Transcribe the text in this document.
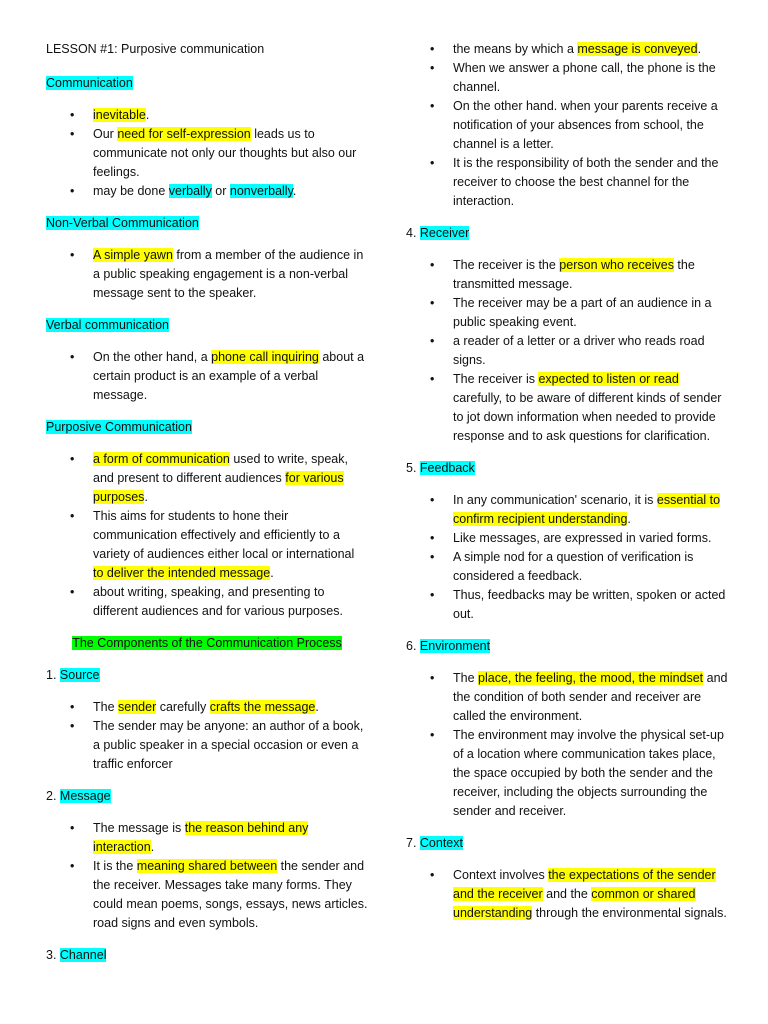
LESSON #1: Purposive communication

Communication

• inevitable.
• Our need for self-expression leads us to communicate not only our thoughts but also our feelings.
• may be done verbally or nonverbally.

Non-Verbal Communication

• A simple yawn from a member of the audience in a public speaking engagement is a non-verbal message sent to the speaker.

Verbal communication

• On the other hand, a phone call inquiring about a certain product is an example of a verbal message.

Purposive Communication

• a form of communication used to write, speak, and present to different audiences for various purposes.
• This aims for students to hone their communication effectively and efficiently to a variety of audiences either local or international to deliver the intended message.
• about writing, speaking, and presenting to different audiences and for various purposes.

The Components of the Communication Process

1. Source

• The sender carefully crafts the message.
• The sender may be anyone: an author of a book, a public speaker in a special occasion or even a traffic enforcer

2. Message

• The message is the reason behind any interaction.
• It is the meaning shared between the sender and the receiver. Messages take many forms. They could mean poems, songs, essays, news articles. road signs and even symbols.

3. Channel

• the means by which a message is conveyed.
• When we answer a phone call, the phone is the channel.
• On the other hand. when your parents receive a notification of your absences from school, the channel is a letter.
• It is the responsibility of both the sender and the receiver to choose the best channel for the interaction.

4. Receiver

• The receiver is the person who receives the transmitted message.
• The receiver may be a part of an audience in a public speaking event.
• a reader of a letter or a driver who reads road signs.
• The receiver is expected to listen or read carefully, to be aware of different kinds of sender to jot down information when needed to provide response and to ask questions for clarification.

5. Feedback

• In any communication' scenario, it is essential to confirm recipient understanding.
• Like messages, are expressed in varied forms.
• A simple nod for a question of verification is considered a feedback.
• Thus, feedbacks may be written, spoken or acted out.

6. Environment

• The place, the feeling, the mood, the mindset and the condition of both sender and receiver are called the environment.
• The environment may involve the physical set-up of a location where communication takes place, the space occupied by both the sender and the receiver, including the objects surrounding the sender and receiver.

7. Context

• Context involves the expectations of the sender and the receiver and the common or shared understanding through the environmental signals.
